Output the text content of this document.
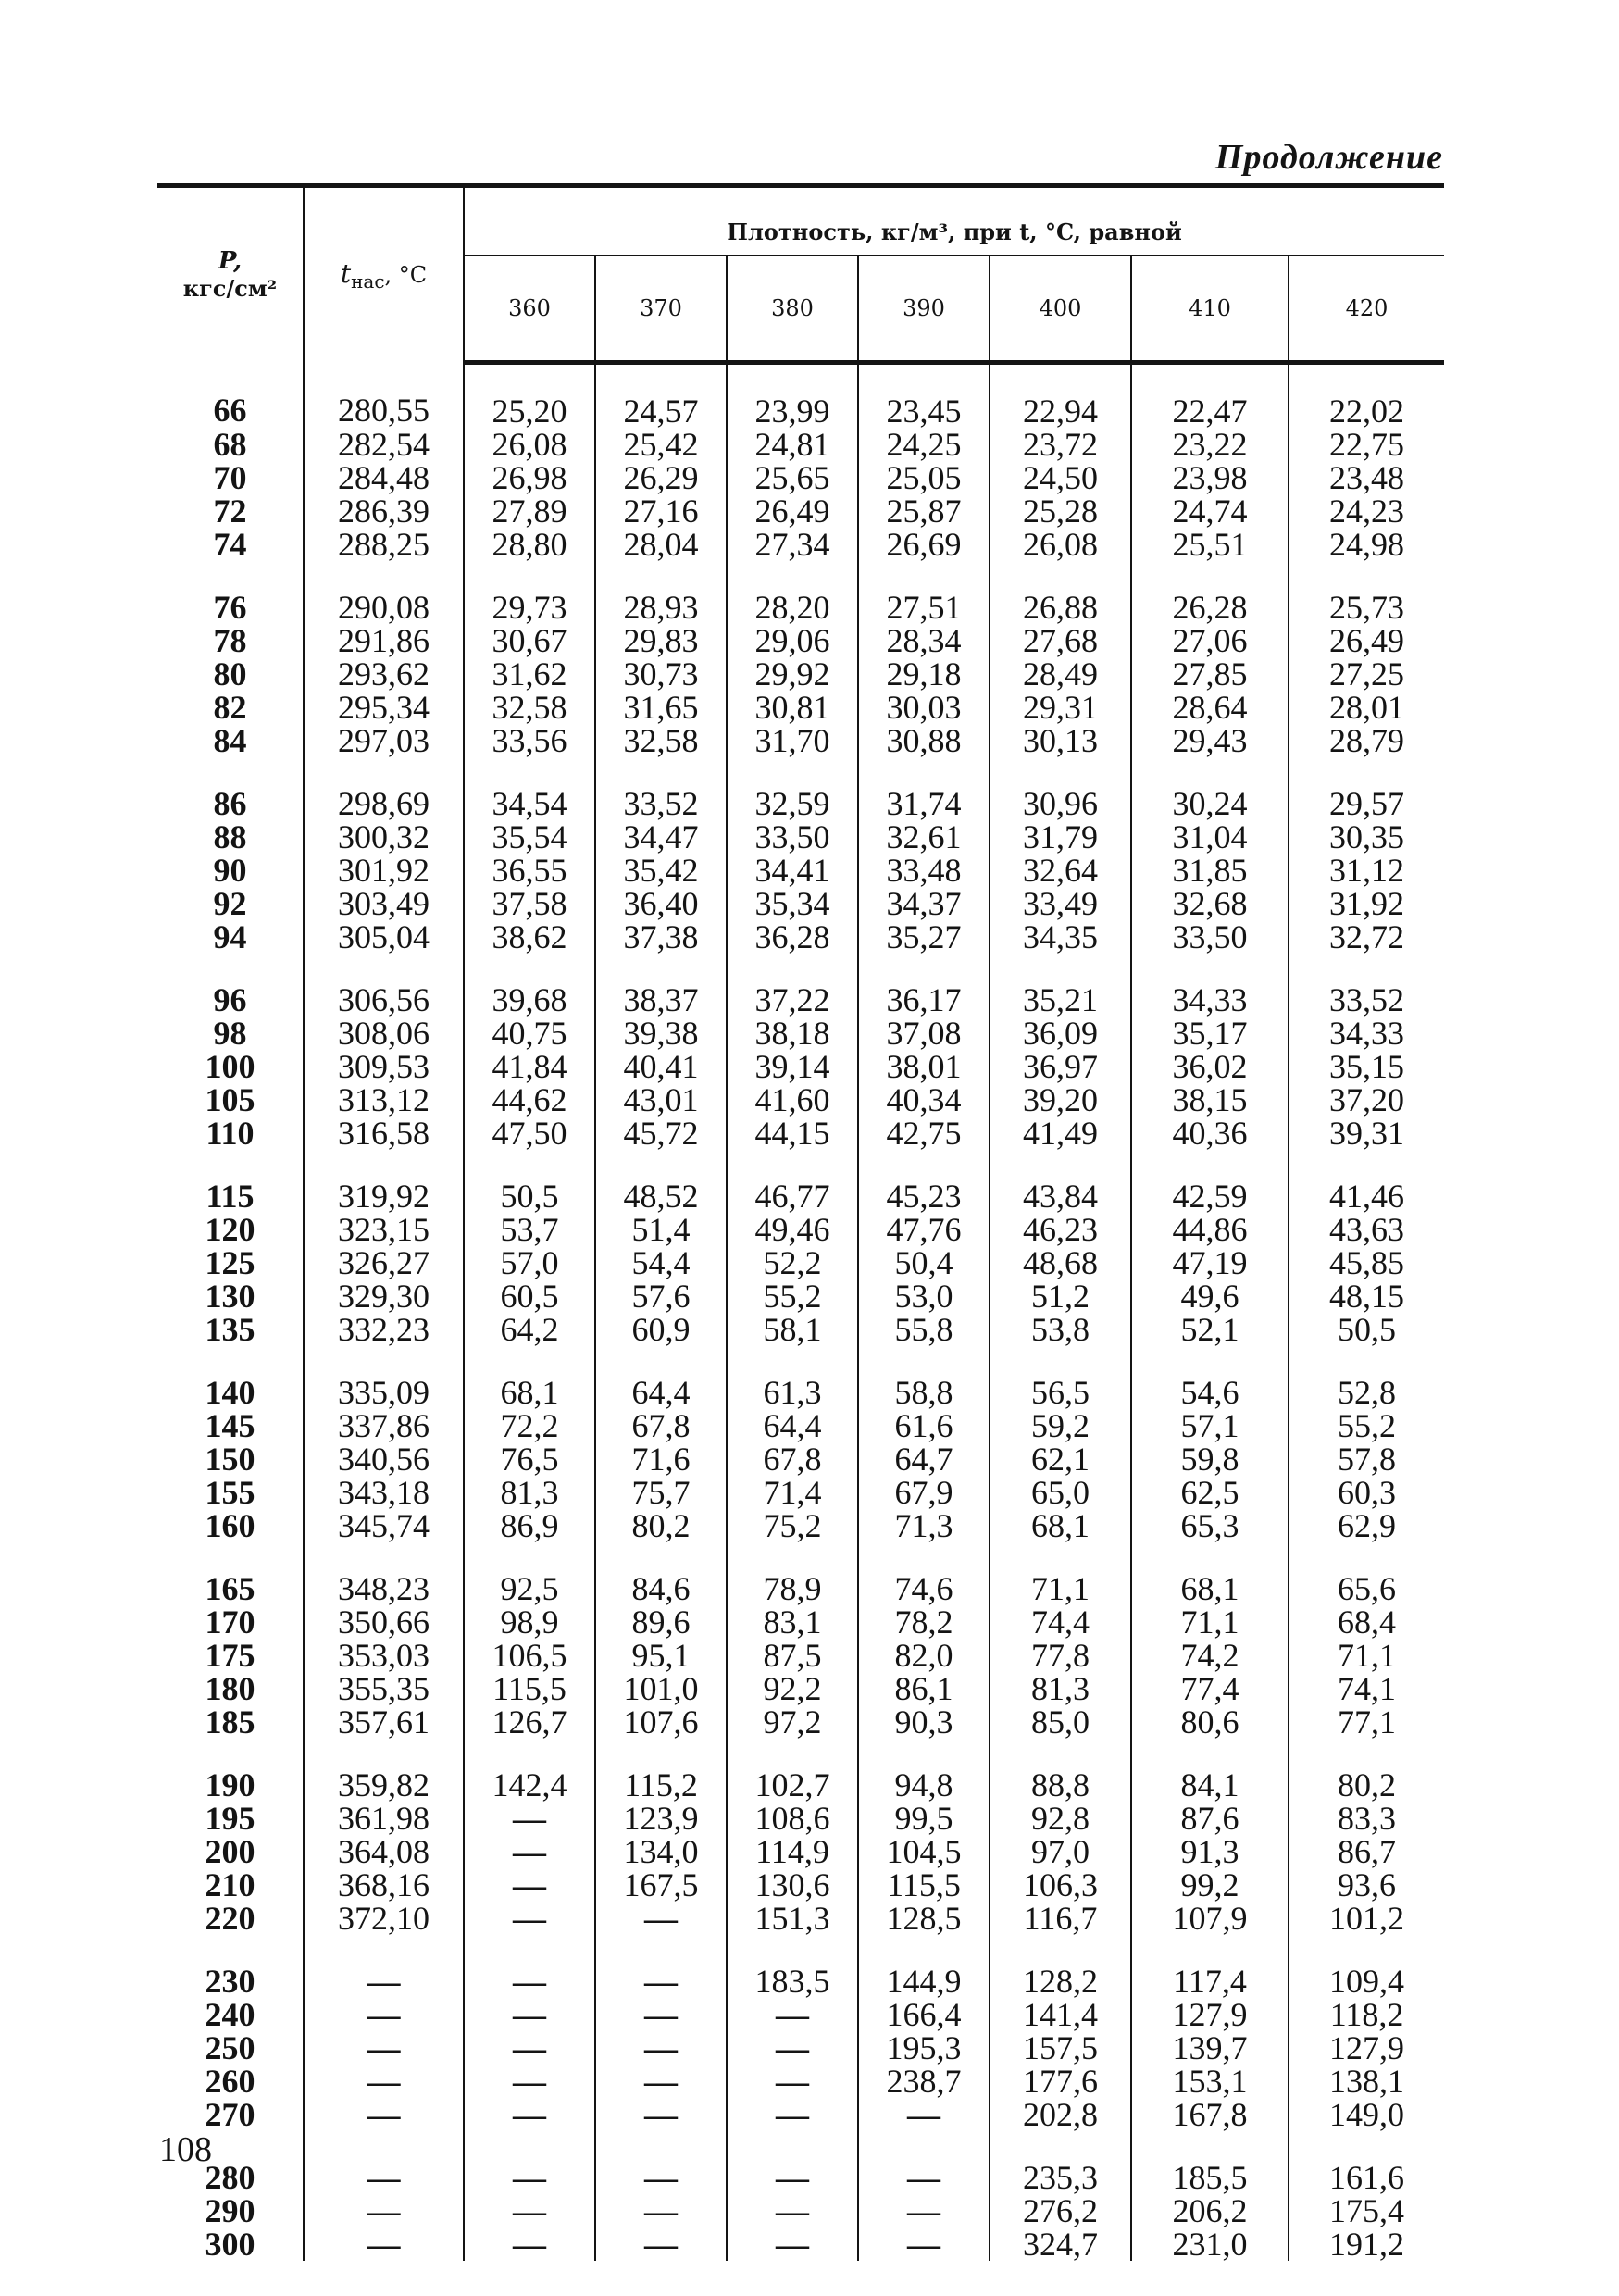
Продолжение
P,
кгс/см²	$t_{нас}$, °C	Плотность, кг/м³, при t, °C, равной						
		360	370	380	390	400	410	420
66	280,55	25,20	24,57	23,99	23,45	22,94	22,47	22,02
68	282,54	26,08	25,42	24,81	24,25	23,72	23,22	22,75
70	284,48	26,98	26,29	25,65	25,05	24,50	23,98	23,48
72	286,39	27,89	27,16	26,49	25,87	25,28	24,74	24,23
74	288,25	28,80	28,04	27,34	26,69	26,08	25,51	24,98
76	290,08	29,73	28,93	28,20	27,51	26,88	26,28	25,73
78	291,86	30,67	29,83	29,06	28,34	27,68	27,06	26,49
80	293,62	31,62	30,73	29,92	29,18	28,49	27,85	27,25
82	295,34	32,58	31,65	30,81	30,03	29,31	28,64	28,01
84	297,03	33,56	32,58	31,70	30,88	30,13	29,43	28,79
86	298,69	34,54	33,52	32,59	31,74	30,96	30,24	29,57
88	300,32	35,54	34,47	33,50	32,61	31,79	31,04	30,35
90	301,92	36,55	35,42	34,41	33,48	32,64	31,85	31,12
92	303,49	37,58	36,40	35,34	34,37	33,49	32,68	31,92
94	305,04	38,62	37,38	36,28	35,27	34,35	33,50	32,72
96	306,56	39,68	38,37	37,22	36,17	35,21	34,33	33,52
98	308,06	40,75	39,38	38,18	37,08	36,09	35,17	34,33
100	309,53	41,84	40,41	39,14	38,01	36,97	36,02	35,15
105	313,12	44,62	43,01	41,60	40,34	39,20	38,15	37,20
110	316,58	47,50	45,72	44,15	42,75	41,49	40,36	39,31
115	319,92	50,5	48,52	46,77	45,23	43,84	42,59	41,46
120	323,15	53,7	51,4	49,46	47,76	46,23	44,86	43,63
125	326,27	57,0	54,4	52,2	50,4	48,68	47,19	45,85
130	329,30	60,5	57,6	55,2	53,0	51,2	49,6	48,15
135	332,23	64,2	60,9	58,1	55,8	53,8	52,1	50,5
140	335,09	68,1	64,4	61,3	58,8	56,5	54,6	52,8
145	337,86	72,2	67,8	64,4	61,6	59,2	57,1	55,2
150	340,56	76,5	71,6	67,8	64,7	62,1	59,8	57,8
155	343,18	81,3	75,7	71,4	67,9	65,0	62,5	60,3
160	345,74	86,9	80,2	75,2	71,3	68,1	65,3	62,9
165	348,23	92,5	84,6	78,9	74,6	71,1	68,1	65,6
170	350,66	98,9	89,6	83,1	78,2	74,4	71,1	68,4
175	353,03	106,5	95,1	87,5	82,0	77,8	74,2	71,1
180	355,35	115,5	101,0	92,2	86,1	81,3	77,4	74,1
185	357,61	126,7	107,6	97,2	90,3	85,0	80,6	77,1
190	359,82	142,4	115,2	102,7	94,8	88,8	84,1	80,2
195	361,98	—	123,9	108,6	99,5	92,8	87,6	83,3
200	364,08	—	134,0	114,9	104,5	97,0	91,3	86,7
210	368,16	—	167,5	130,6	115,5	106,3	99,2	93,6
220	372,10	—	—	151,3	128,5	116,7	107,9	101,2
230	—	—	—	183,5	144,9	128,2	117,4	109,4
240	—	—	—	—	166,4	141,4	127,9	118,2
250	—	—	—	—	195,3	157,5	139,7	127,9
260	—	—	—	—	238,7	177,6	153,1	138,1
270	—	—	—	—	—	202,8	167,8	149,0
280	—	—	—	—	—	235,3	185,5	161,6
290	—	—	—	—	—	276,2	206,2	175,4
300	—	—	—	—	—	324,7	231,0	191,2
108
